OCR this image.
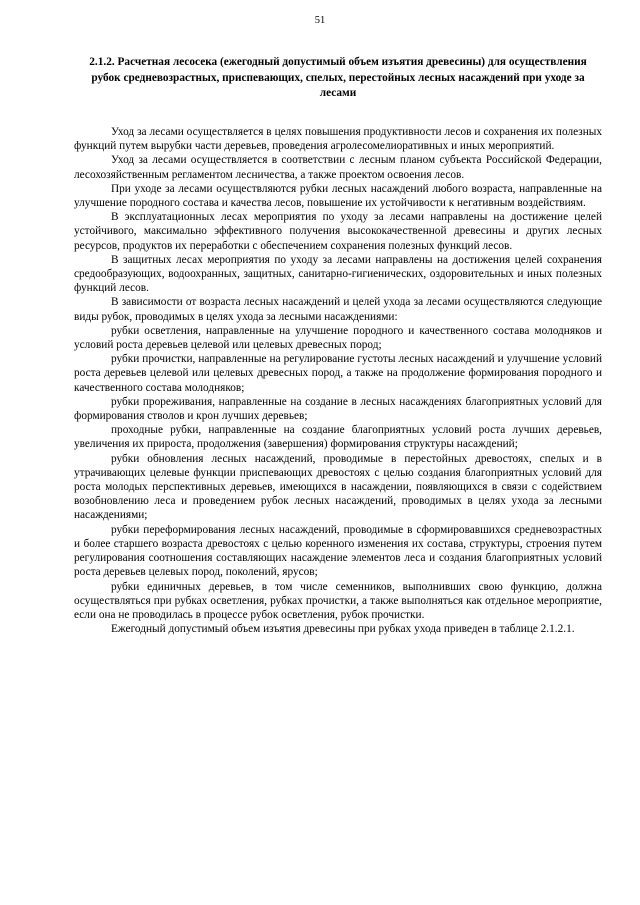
51
2.1.2. Расчетная лесосека (ежегодный допустимый объем изъятия древесины) для осуществления рубок средневозрастных, приспевающих, спелых, перестойных лесных насаждений при уходе за лесами

Уход за лесами осуществляется в целях повышения продуктивности лесов и сохранения их полезных функций путем вырубки части деревьев, проведения агролесомелиоративных и иных мероприятий.

Уход за лесами осуществляется в соответствии с лесным планом субъекта Российской Федерации, лесохозяйственным регламентом лесничества, а также проектом освоения лесов.

При уходе за лесами осуществляются рубки лесных насаждений любого возраста, направленные на улучшение породного состава и качества лесов, повышение их устойчивости к негативным воздействиям.

В эксплуатационных лесах мероприятия по уходу за лесами направлены на достижение целей устойчивого, максимально эффективного получения высококачественной древесины и других лесных ресурсов, продуктов их переработки с обеспечением сохранения полезных функций лесов.

В защитных лесах мероприятия по уходу за лесами направлены на достижения целей сохранения средообразующих, водоохранных, защитных, санитарно-гигиенических, оздоровительных и иных полезных функций лесов.

В зависимости от возраста лесных насаждений и целей ухода за лесами осуществляются следующие виды рубок, проводимых в целях ухода за лесными насаждениями:

рубки осветления, направленные на улучшение породного и качественного состава молодняков и условий роста деревьев целевой или целевых древесных пород;

рубки прочистки, направленные на регулирование густоты лесных насаждений и улучшение условий роста деревьев целевой или целевых древесных пород, а также на продолжение формирования породного и качественного состава молодняков;

рубки прореживания, направленные на создание в лесных насаждениях благоприятных условий для формирования стволов и крон лучших деревьев;

проходные рубки, направленные на создание благоприятных условий роста лучших деревьев, увеличения их прироста, продолжения (завершения) формирования структуры насаждений;

рубки обновления лесных насаждений, проводимые в перестойных древостоях, спелых и в утрачивающих целевые функции приспевающих древостоях с целью создания благоприятных условий для роста молодых перспективных деревьев, имеющихся в насаждении, появляющихся в связи с содействием возобновлению леса и проведением рубок лесных насаждений, проводимых в целях ухода за лесными насаждениями;

рубки переформирования лесных насаждений, проводимые в сформировавшихся средневозрастных и более старшего возраста древостоях с целью коренного изменения их состава, структуры, строения путем регулирования соотношения составляющих насаждение элементов леса и создания благоприятных условий роста деревьев целевых пород, поколений, ярусов;

рубки единичных деревьев, в том числе семенников, выполнивших свою функцию, должна осуществляться при рубках осветления, рубках прочистки, а также выполняться как отдельное мероприятие, если она не проводилась в процессе рубок осветления, рубок прочистки.

Ежегодный допустимый объем изъятия древесины при рубках ухода приведен в таблице 2.1.2.1.
